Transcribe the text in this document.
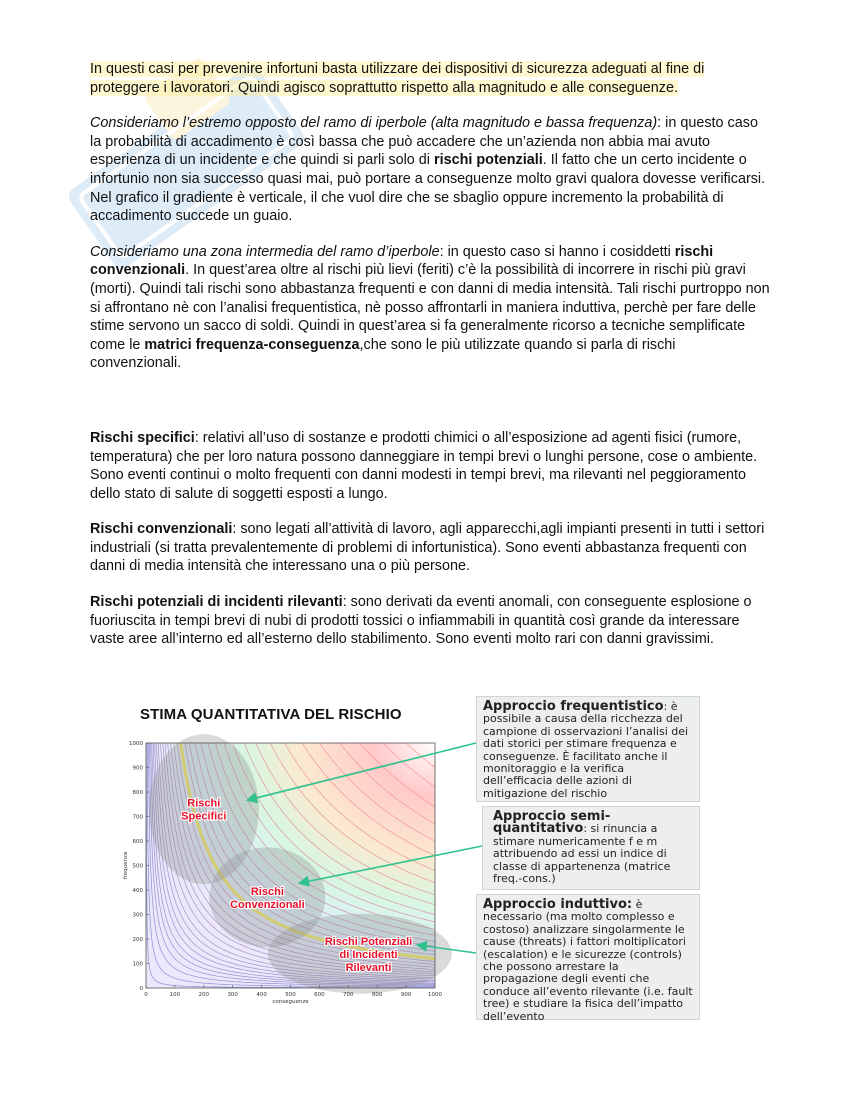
In questi casi per prevenire infortuni basta utilizzare dei dispositivi di sicurezza adeguati al fine di proteggere i lavoratori. Quindi agisco soprattutto rispetto alla magnitudo e alle conseguenze.

Consideriamo l’estremo opposto del ramo di iperbole (alta magnitudo e bassa frequenza): in questo caso la probabilità di accadimento è così bassa che può accadere che un’azienda non abbia mai avuto esperienza di un incidente e che quindi si parli solo di rischi potenziali. Il fatto che un certo incidente o infortunio non sia successo quasi mai, può portare a conseguenze molto gravi qualora dovesse verificarsi. Nel grafico il gradiente è verticale, il che vuol dire che se sbaglio oppure incremento la probabilità di accadimento succede un guaio.

Consideriamo una zona intermedia del ramo d’iperbole: in questo caso si hanno i cosiddetti rischi convenzionali. In quest’area oltre al rischi più lievi (feriti) c’è la possibilità di incorrere in rischi più gravi (morti). Quindi tali rischi sono abbastanza frequenti e con danni di media intensità. Tali rischi purtroppo non si affrontano nè con l’analisi frequentistica, nè posso affrontarli in maniera induttiva, perchè per fare delle stime servono un sacco di soldi. Quindi in quest’area si fa generalmente ricorso a tecniche semplificate come le matrici frequenza-conseguenza,che sono le più utilizzate quando si parla di rischi convenzionali.

Rischi specifici: relativi all’uso di sostanze e prodotti chimici o all’esposizione ad agenti fisici (rumore, temperatura) che per loro natura possono danneggiare in tempi brevi o lunghi persone, cose o ambiente. Sono eventi continui o molto frequenti con danni modesti in tempi brevi, ma rilevanti nel peggioramento dello stato di salute di soggetti esposti a lungo.

Rischi convenzionali: sono legati all’attività di lavoro, agli apparecchi,agli impianti presenti in tutti i settori industriali (si tratta prevalentemente di problemi di infortunistica). Sono eventi abbastanza frequenti con danni di media intensità che interessano una o più persone.

Rischi potenziali di incidenti rilevanti: sono derivati da eventi anomali, con conseguente esplosione o fuoriuscita in tempi brevi di nubi di prodotti tossici o infiammabili in quantità così grande da interessare vaste aree all’interno ed all’esterno dello stabilimento. Sono eventi molto rari con danni gravissimi.

0	100	200	300	400	500	600	700	800	900	1000
0
100
200
300
400
500
600
700
800
900
1000
conseguenze
frequenza
Rischi
Specifici
Rischi
Convenzionali
Rischi Potenziali
di Incidenti
Rilevanti
STIMA QUANTITATIVA DEL RISCHIO	Approccio frequentistico: è possibile a causa della ricchezza del campione di osservazioni l’analisi dei dati storici per stimare frequenza e conseguenze. È facilitato anche il monitoraggio e la verifica dell’efficacia delle azioni di mitigazione del rischio
Approccio semi-quantitativo: si rinuncia a stimare numericamente f e m attribuendo ad essi un indice di classe di appartenenza (matrice freq.-cons.)
Approccio induttivo: è necessario (ma molto complesso e costoso) analizzare singolarmente le cause (threats) i fattori moltiplicatori (escalation) e le sicurezze (controls) che possono arrestare la propagazione degli eventi che conduce all’evento rilevante (i.e. fault tree) e studiare la fisica dell’impatto dell’evento
